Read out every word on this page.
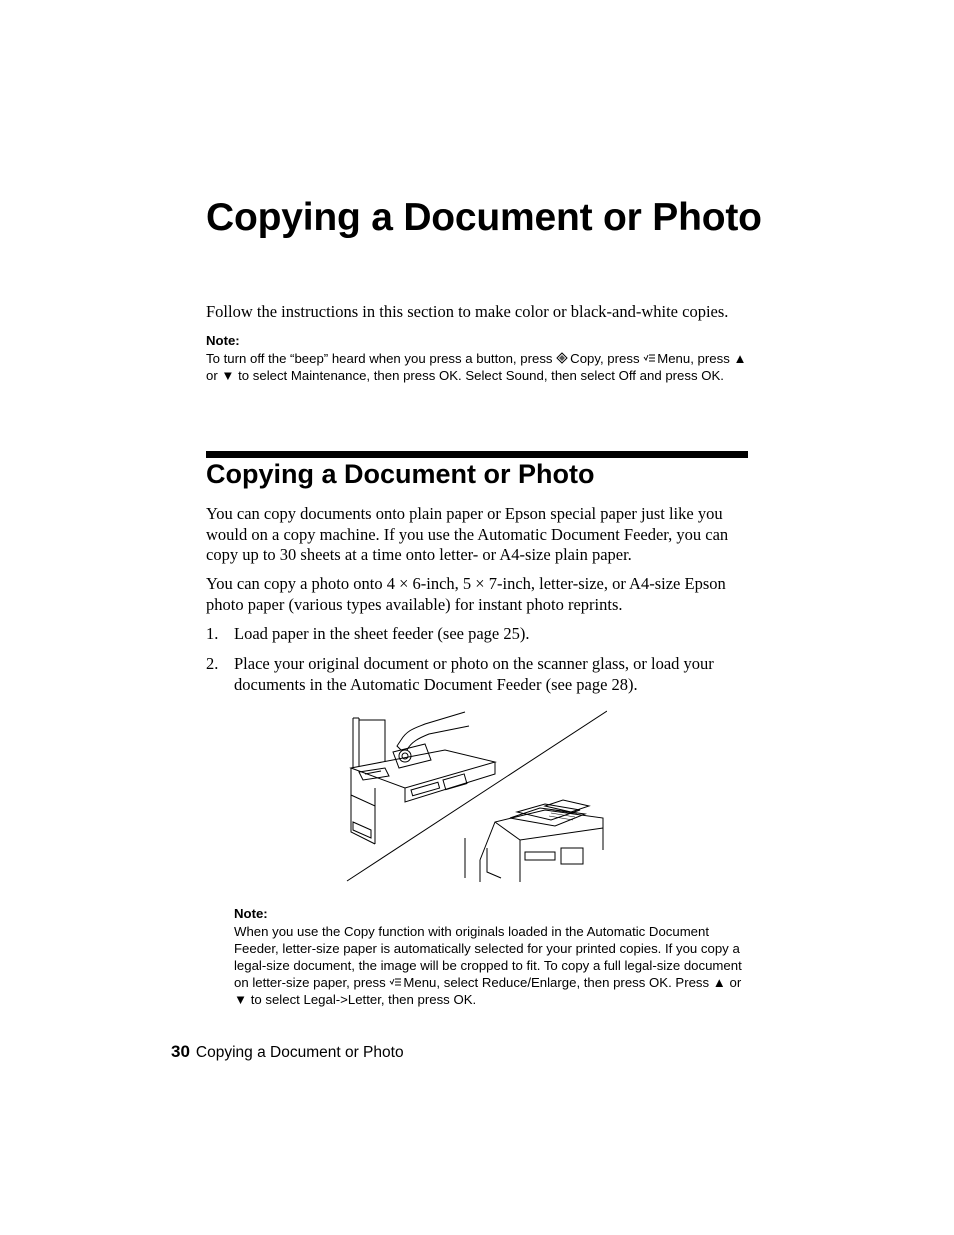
Copying a Document or Photo

Follow the instructions in this section to make color or black-and-white copies.

Note:
To turn off the “beep” heard when you press a button, press Copy, press Menu, press ▲ or ▼ to select Maintenance, then press OK. Select Sound, then select Off and press OK.
Copying a Document or Photo

You can copy documents onto plain paper or Epson special paper just like you would on a copy machine. If you use the Automatic Document Feeder, you can copy up to 30 sheets at a time onto letter- or A4-size plain paper.

You can copy a photo onto 4 × 6-inch, 5 × 7-inch, letter-size, or A4-size Epson photo paper (various types available) for instant photo reprints.

1. Load paper in the sheet feeder (see page 25).
2. Place your original document or photo on the scanner glass, or load your documents in the Automatic Document Feeder (see page 28).
Note:
When you use the Copy function with originals loaded in the Automatic Document Feeder, letter-size paper is automatically selected for your printed copies. If you copy a legal-size document, the image will be cropped to fit. To copy a full legal-size document on letter-size paper, press Menu, select Reduce/Enlarge, then press OK. Press ▲ or ▼ to select Legal->Letter, then press OK.
30 Copying a Document or Photo
